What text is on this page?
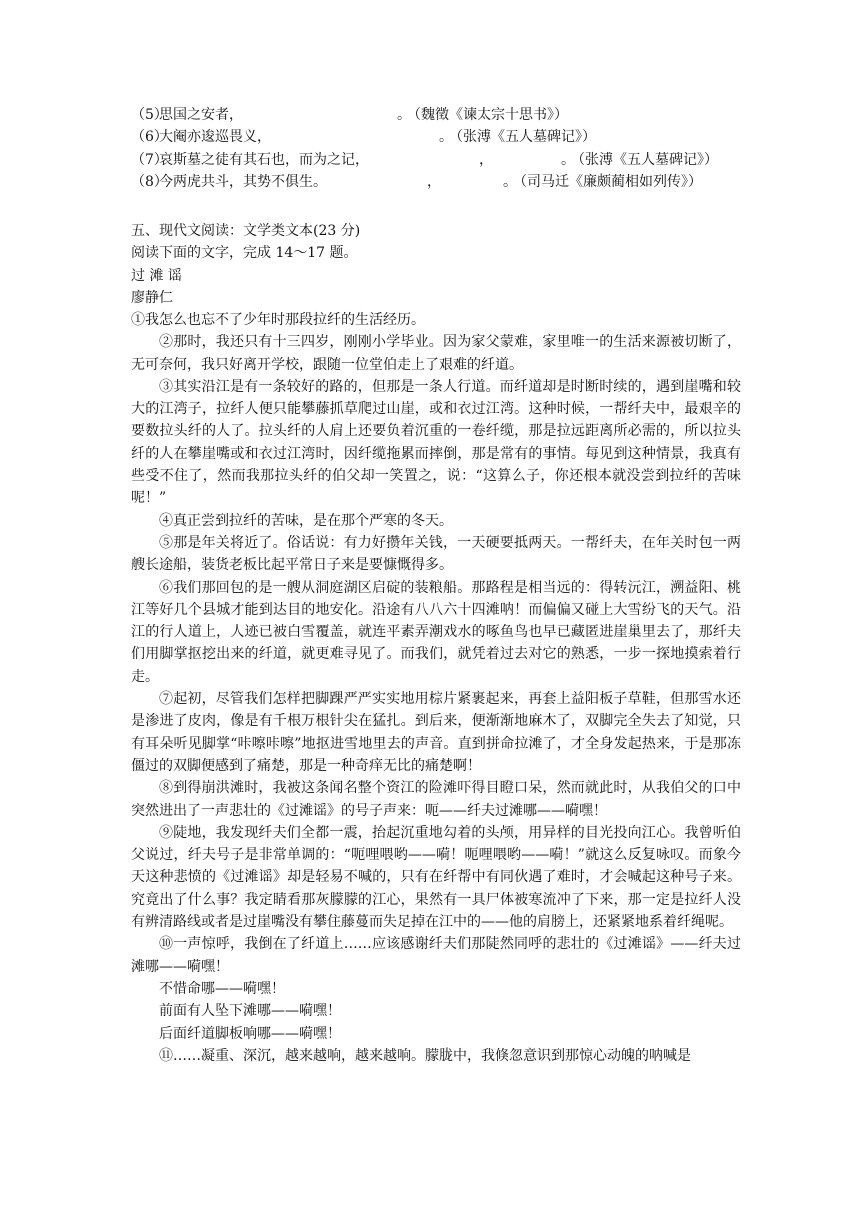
（5）
思国之安者，	。
（魏徵《谏太宗十思书》）
（6）
大阉亦逡巡畏义，	。
（张溥《五人墓碑记》）
（7）
哀斯墓之徒有其石也，而为之记，	，	。
（张溥《五人墓碑记》）
（8）
今两虎共斗，其势不俱生。	，	。
（司马迁《廉颇蔺相如列传》）
五、现代文阅读：文学类文本(23 分)
阅读下面的文字，完成 14～17 题。
过 滩 谣
廖静仁

①我怎么也忘不了少年时那段拉纤的生活经历。

②那时，我还只有十三四岁，刚刚小学毕业。因为家父蒙难，家里唯一的生活来源被切断了，无可奈何，我只好离开学校，跟随一位堂伯走上了艰难的纤道。

③其实沿江是有一条较好的路的，但那是一条人行道。而纤道却是时断时续的，遇到崖嘴和较大的江湾子，拉纤人便只能攀藤抓草爬过山崖，或和衣过江湾。这种时候，一帮纤夫中，最艰辛的要数拉头纤的人了。拉头纤的人肩上还要负着沉重的一卷纤缆，那是拉远距离所必需的，所以拉头纤的人在攀崖嘴或和衣过江湾时，因纤缆拖累而摔倒，那是常有的事情。每见到这种情景，我真有些受不住了，然而我那拉头纤的伯父却一笑置之，说：“这算么子，你还根本就没尝到拉纤的苦味呢！”

④真正尝到拉纤的苦味，是在那个严寒的冬天。

⑤那是年关将近了。俗话说：有力好攒年关钱，一天硬要抵两天。一帮纤夫，在年关时包一两艘长途船，装货老板比起平常日子来是要慷慨得多。

⑥我们那回包的是一艘从洞庭湖区启碇的装粮船。那路程是相当远的：得转沅江，溯益阳、桃江等好几个县城才能到达目的地安化。沿途有八八六十四滩呐！而偏偏又碰上大雪纷飞的天气。沿江的行人道上，人迹已被白雪覆盖，就连平素弄潮戏水的啄鱼鸟也早已藏匿进崖巢里去了，那纤夫们用脚掌抠挖出来的纤道，就更难寻见了。而我们，就凭着过去对它的熟悉，一步一探地摸索着行走。

⑦起初，尽管我们怎样把脚踝严严实实地用棕片紧裹起来，再套上益阳板子草鞋，但那雪水还是渗进了皮肉，像是有千根万根针尖在猛扎。到后来，便渐渐地麻木了，双脚完全失去了知觉，只有耳朵听见脚掌“咔嚓咔嚓”地抠进雪地里去的声音。直到拼命拉滩了，才全身发起热来，于是那冻僵过的双脚便感到了痛楚，那是一种奇痒无比的痛楚啊！

⑧到得崩洪滩时，我被这条闻名整个资江的险滩吓得目瞪口呆，然而就此时，从我伯父的口中突然进出了一声悲壮的《过滩谣》的号子声来：呃——纤夫过滩哪——嗬嘿！

⑨陡地，我发现纤夫们全都一震，抬起沉重地勾着的头颅，用异样的目光投向江心。我曾听伯父说过，纤夫号子是非常单调的：“呃哩喂哟——嗬！呃哩喂哟——嗬！”就这么反复咏叹。而象今天这种悲愤的《过滩谣》却是轻易不喊的，只有在纤帮中有同伙遇了难时，才会喊起这种号子来。究竟出了什么事？我定睛看那灰朦朦的江心，果然有一具尸体被寒流冲了下来，那一定是拉纤人没有辨清路线或者是过崖嘴没有攀住藤蔓而失足掉在江中的——他的肩膀上，还紧紧地系着纤绳呢。

⑩一声惊呼，我倒在了纤道上……应该感谢纤夫们那陡然同呼的悲壮的《过滩谣》——纤夫过滩哪——嗬嘿！

不惜命哪——嗬嘿！
前面有人坠下滩哪——嗬嘿！
后面纤道脚板响哪——嗬嘿！

⑪……凝重、深沉，越来越响，越来越响。朦胧中，我倏忽意识到那惊心动魄的呐喊是
